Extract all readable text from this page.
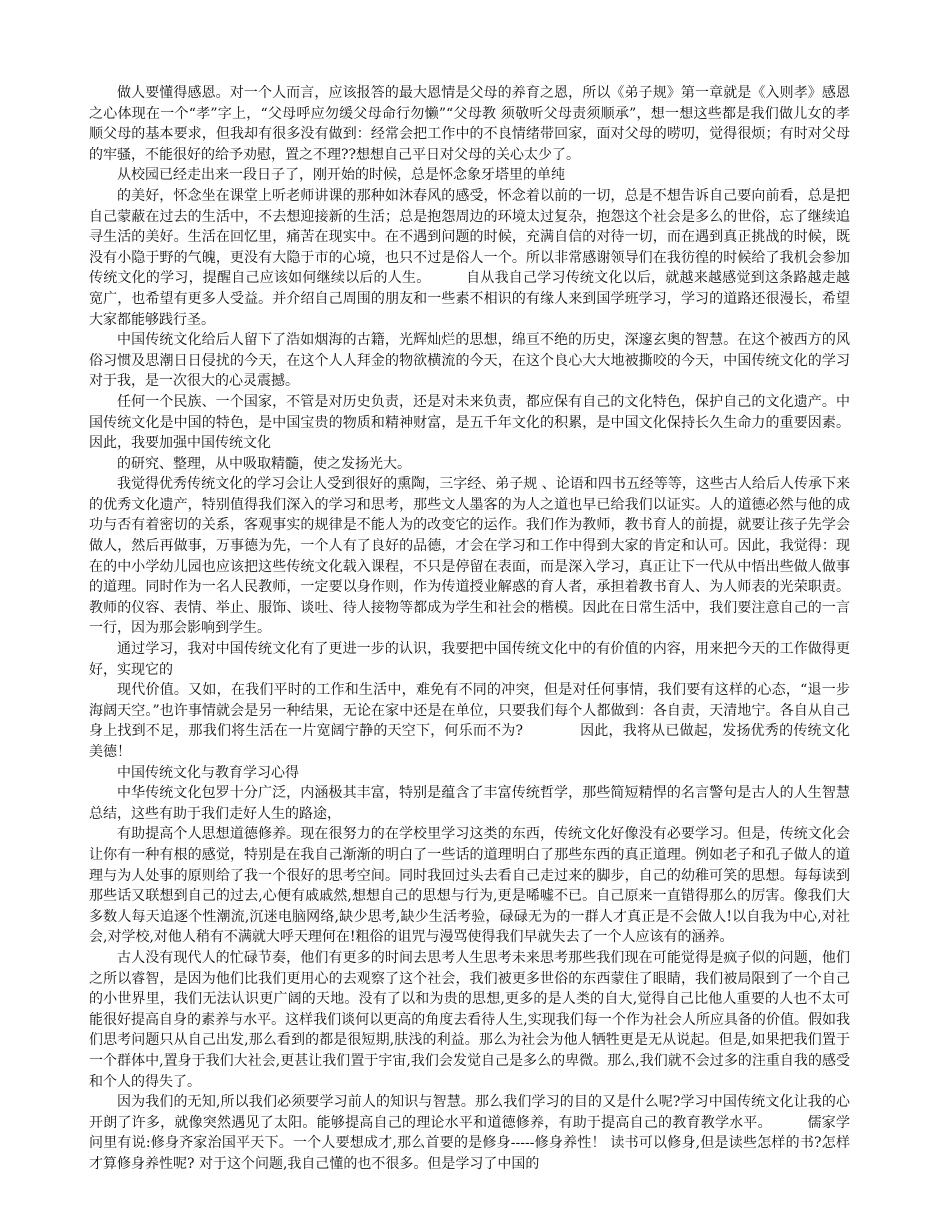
做人要懂得感恩。对一个人而言，应该报答的最大恩情是父母的养育之恩，所以《弟子规》第一章就是《入则孝》感恩之心体现在一个“孝”字上，“父母呼应勿缓父母命行勿懒”“父母教 须敬听父母责须顺承”，想一想这些都是我们做儿女的孝顺父母的基本要求，但我却有很多没有做到：经常会把工作中的不良情绪带回家，面对父母的唠叨，觉得很烦；有时对父母的牢骚，不能很好的给予劝慰，置之不理??想想自己平日对父母的关心太少了。

从校园已经走出来一段日子了，刚开始的时候，总是怀念象牙塔里的单纯

的美好，怀念坐在课堂上听老师讲课的那种如沐春风的感受，怀念着以前的一切，总是不想告诉自己要向前看，总是把自己蒙蔽在过去的生活中，不去想迎接新的生活；总是抱怨周边的环境太过复杂，抱怨这个社会是多么的世俗，忘了继续追寻生活的美好。生活在回忆里，痛苦在现实中。在不遇到问题的时候，充满自信的对待一切，而在遇到真正挑战的时候，既没有小隐于野的气魄，更没有大隐于市的心境，也只不过是俗人一个。所以非常感谢领导们在我彷徨的时候给了我机会参加传统文化的学习，提醒自己应该如何继续以后的人生。　　　自从我自己学习传统文化以后，就越来越感觉到这条路越走越宽广，也希望有更多人受益。并介绍自己周围的朋友和一些素不相识的有缘人来到国学班学习，学习的道路还很漫长，希望大家都能够践行圣。

中国传统文化给后人留下了浩如烟海的古籍，光辉灿烂的思想，绵亘不绝的历史，深邃玄奥的智慧。在这个被西方的风俗习惯及思潮日日侵扰的今天，在这个人人拜金的物欲横流的今天，在这个良心大大地被撕咬的今天，中国传统文化的学习对于我，是一次很大的心灵震撼。

任何一个民族、一个国家，不管是对历史负责，还是对未来负责，都应保有自己的文化特色，保护自己的文化遗产。中国传统文化是中国的特色，是中国宝贵的物质和精神财富，是五千年文化的积累，是中国文化保持长久生命力的重要因素。因此，我要加强中国传统文化

的研究、整理，从中吸取精髓，使之发扬光大。

我觉得优秀传统文化的学习会让人受到很好的熏陶，三字经、弟子规 、论语和四书五经等等，这些古人给后人传承下来的优秀文化遗产，特别值得我们深入的学习和思考，那些文人墨客的为人之道也早已给我们以证实。人的道德必然与他的成功与否有着密切的关系，客观事实的规律是不能人为的改变它的运作。我们作为教师，教书育人的前提，就要让孩子先学会做人，然后再做事，万事德为先，一个人有了良好的品德，才会在学习和工作中得到大家的肯定和认可。因此，我觉得：现在的中小学幼儿园也应该把这些传统文化载入课程，不只是停留在表面，而是深入学习，真正让下一代从中悟出些做人做事的道理。同时作为一名人民教师，一定要以身作则，作为传道授业解惑的育人者，承担着教书育人、为人师表的光荣职责。教师的仪容、表情、举止、服饰、谈吐、待人接物等都成为学生和社会的楷模。因此在日常生活中，我们要注意自己的一言一行，因为那会影响到学生。

通过学习，我对中国传统文化有了更进一步的认识，我要把中国传统文化中的有价值的内容，用来把今天的工作做得更好，实现它的

现代价值。又如，在我们平时的工作和生活中，难免有不同的冲突，但是对任何事情，我们要有这样的心态，“退一步海阔天空。”也许事情就会是另一种结果，无论在家中还是在单位，只要我们每个人都做到：各自责，天清地宁。各自从自己身上找到不足，那我们将生活在一片宽阔宁静的天空下，何乐而不为?　　　　因此，我将从已做起，发扬优秀的传统文化美德！

中国传统文化与教育学习心得

中华传统文化包罗十分广泛，内涵极其丰富，特别是蕴含了丰富传统哲学，那些简短精悍的名言警句是古人的人生智慧总结，这些有助于我们走好人生的路途，

有助提高个人思想道德修养。现在很努力的在学校里学习这类的东西，传统文化好像没有必要学习。但是，传统文化会让你有一种有根的感觉，特别是在我自己渐渐的明白了一些话的道理明白了那些东西的真正道理。例如老子和孔子做人的道理与为人处事的原则给了我一个很好的思考空间。同时我回过头去看自己走过来的脚步，自己的幼稚可笑的思想。每每读到那些话又联想到自己的过去,心便有戚戚然,想想自己的思想与行为,更是唏嘘不已。自己原来一直错得那么的厉害。像我们大多数人每天追逐个性潮流,沉迷电脑网络,缺少思考,缺少生活考验，碌碌无为的一群人才真正是不会做人!以自我为中心,对社会,对学校,对他人稍有不满就大呼天理何在!粗俗的诅咒与漫骂使得我们早就失去了一个人应该有的涵养。

古人没有现代人的忙碌节奏，他们有更多的时间去思考人生思考未来思考那些我们现在可能觉得是疯子似的问题，他们之所以睿智，是因为他们比我们更用心的去观察了这个社会，我们被更多世俗的东西蒙住了眼睛，我们被局限到了一个自己的小世界里，我们无法认识更广阔的天地。没有了以和为贵的思想,更多的是人类的自大,觉得自己比他人重要的人也不太可能很好提高自身的素养与水平。这样我们谈何以更高的角度去看待人生,实现我们每一个作为社会人所应具备的价值。假如我们思考问题只从自己出发,那么看到的都是很短期,肤浅的利益。那么为社会为他人牺牲更是无从说起。但是,如果把我们置于一个群体中,置身于我们大社会,更甚让我们置于宇宙,我们会发觉自己是多么的卑微。那么,我们就不会过多的注重自我的感受和个人的得失了。

因为我们的无知,所以我们必须要学习前人的知识与智慧。那么我们学习的目的又是什么呢?学习中国传统文化让我的心开朗了许多，就像突然遇见了太阳。能够提高自己的理论水平和道德修养，有助于提高自己的教育教学水平。　　　儒家学问里有说:修身齐家治国平天下。一个人要想成才,那么首要的是修身-----修身养性！ 读书可以修身,但是读些怎样的书?怎样才算修身养性呢? 对于这个问题,我自己懂的也不很多。但是学习了中国的
